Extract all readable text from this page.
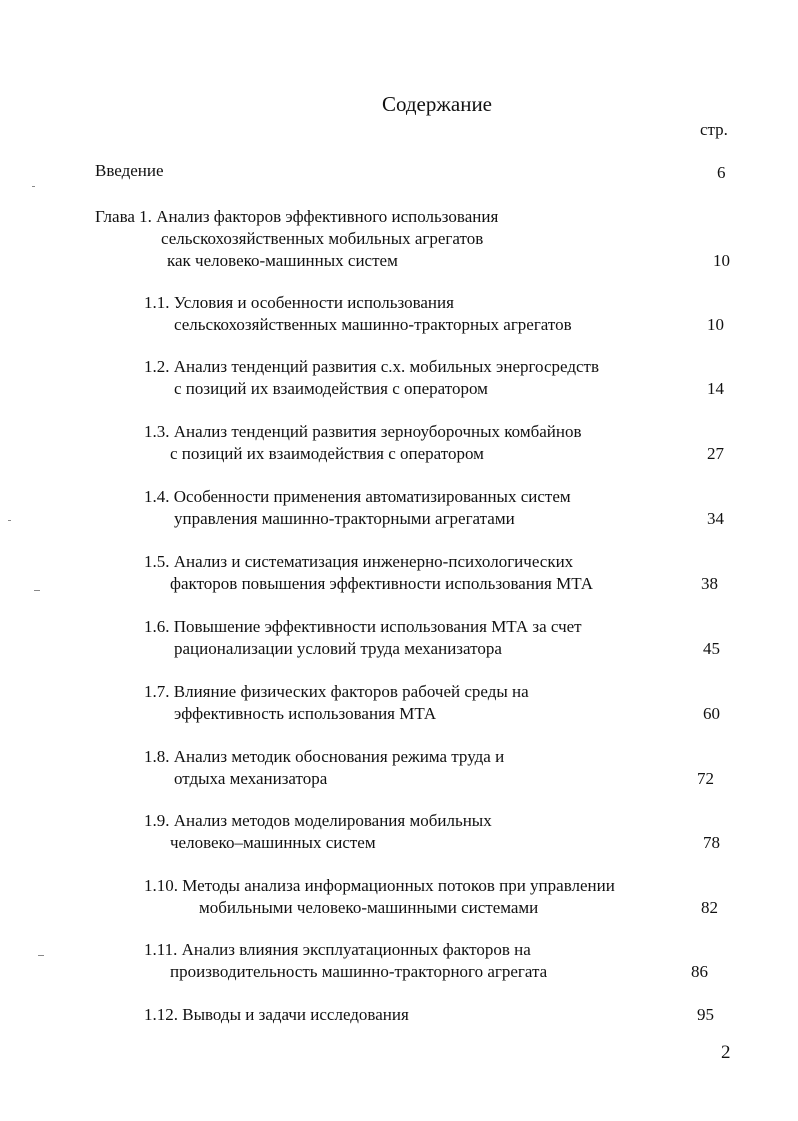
Содержание
стр.
Введение	6
Глава 1. Анализ факторов эффективного использования
сельскохозяйственных мобильных агрегатов
как человеко-машинных систем	10
1.1. Условия и особенности использования
сельскохозяйственных машинно-тракторных агрегатов	10
1.2. Анализ тенденций развития с.х. мобильных энергосредств
с позиций их взаимодействия с оператором	14
1.3. Анализ тенденций развития зерноуборочных комбайнов
с позиций их взаимодействия с оператором	27
1.4. Особенности применения автоматизированных систем
управления машинно-тракторными агрегатами	34
1.5. Анализ и систематизация инженерно-психологических
факторов повышения эффективности использования МТА	38
1.6. Повышение эффективности использования МТА за счет
рационализации условий труда механизатора	45
1.7. Влияние физических факторов рабочей среды на
эффективность использования МТА	60
1.8. Анализ методик обоснования режима труда и
отдыха механизатора	72
1.9. Анализ методов моделирования мобильных
человеко–машинных систем	78
1.10. Методы анализа информационных потоков при управлении
мобильными человеко-машинными системами	82
1.11. Анализ влияния эксплуатационных факторов на
производительность машинно-тракторного агрегата	86
1.12. Выводы и задачи исследования	95
2
